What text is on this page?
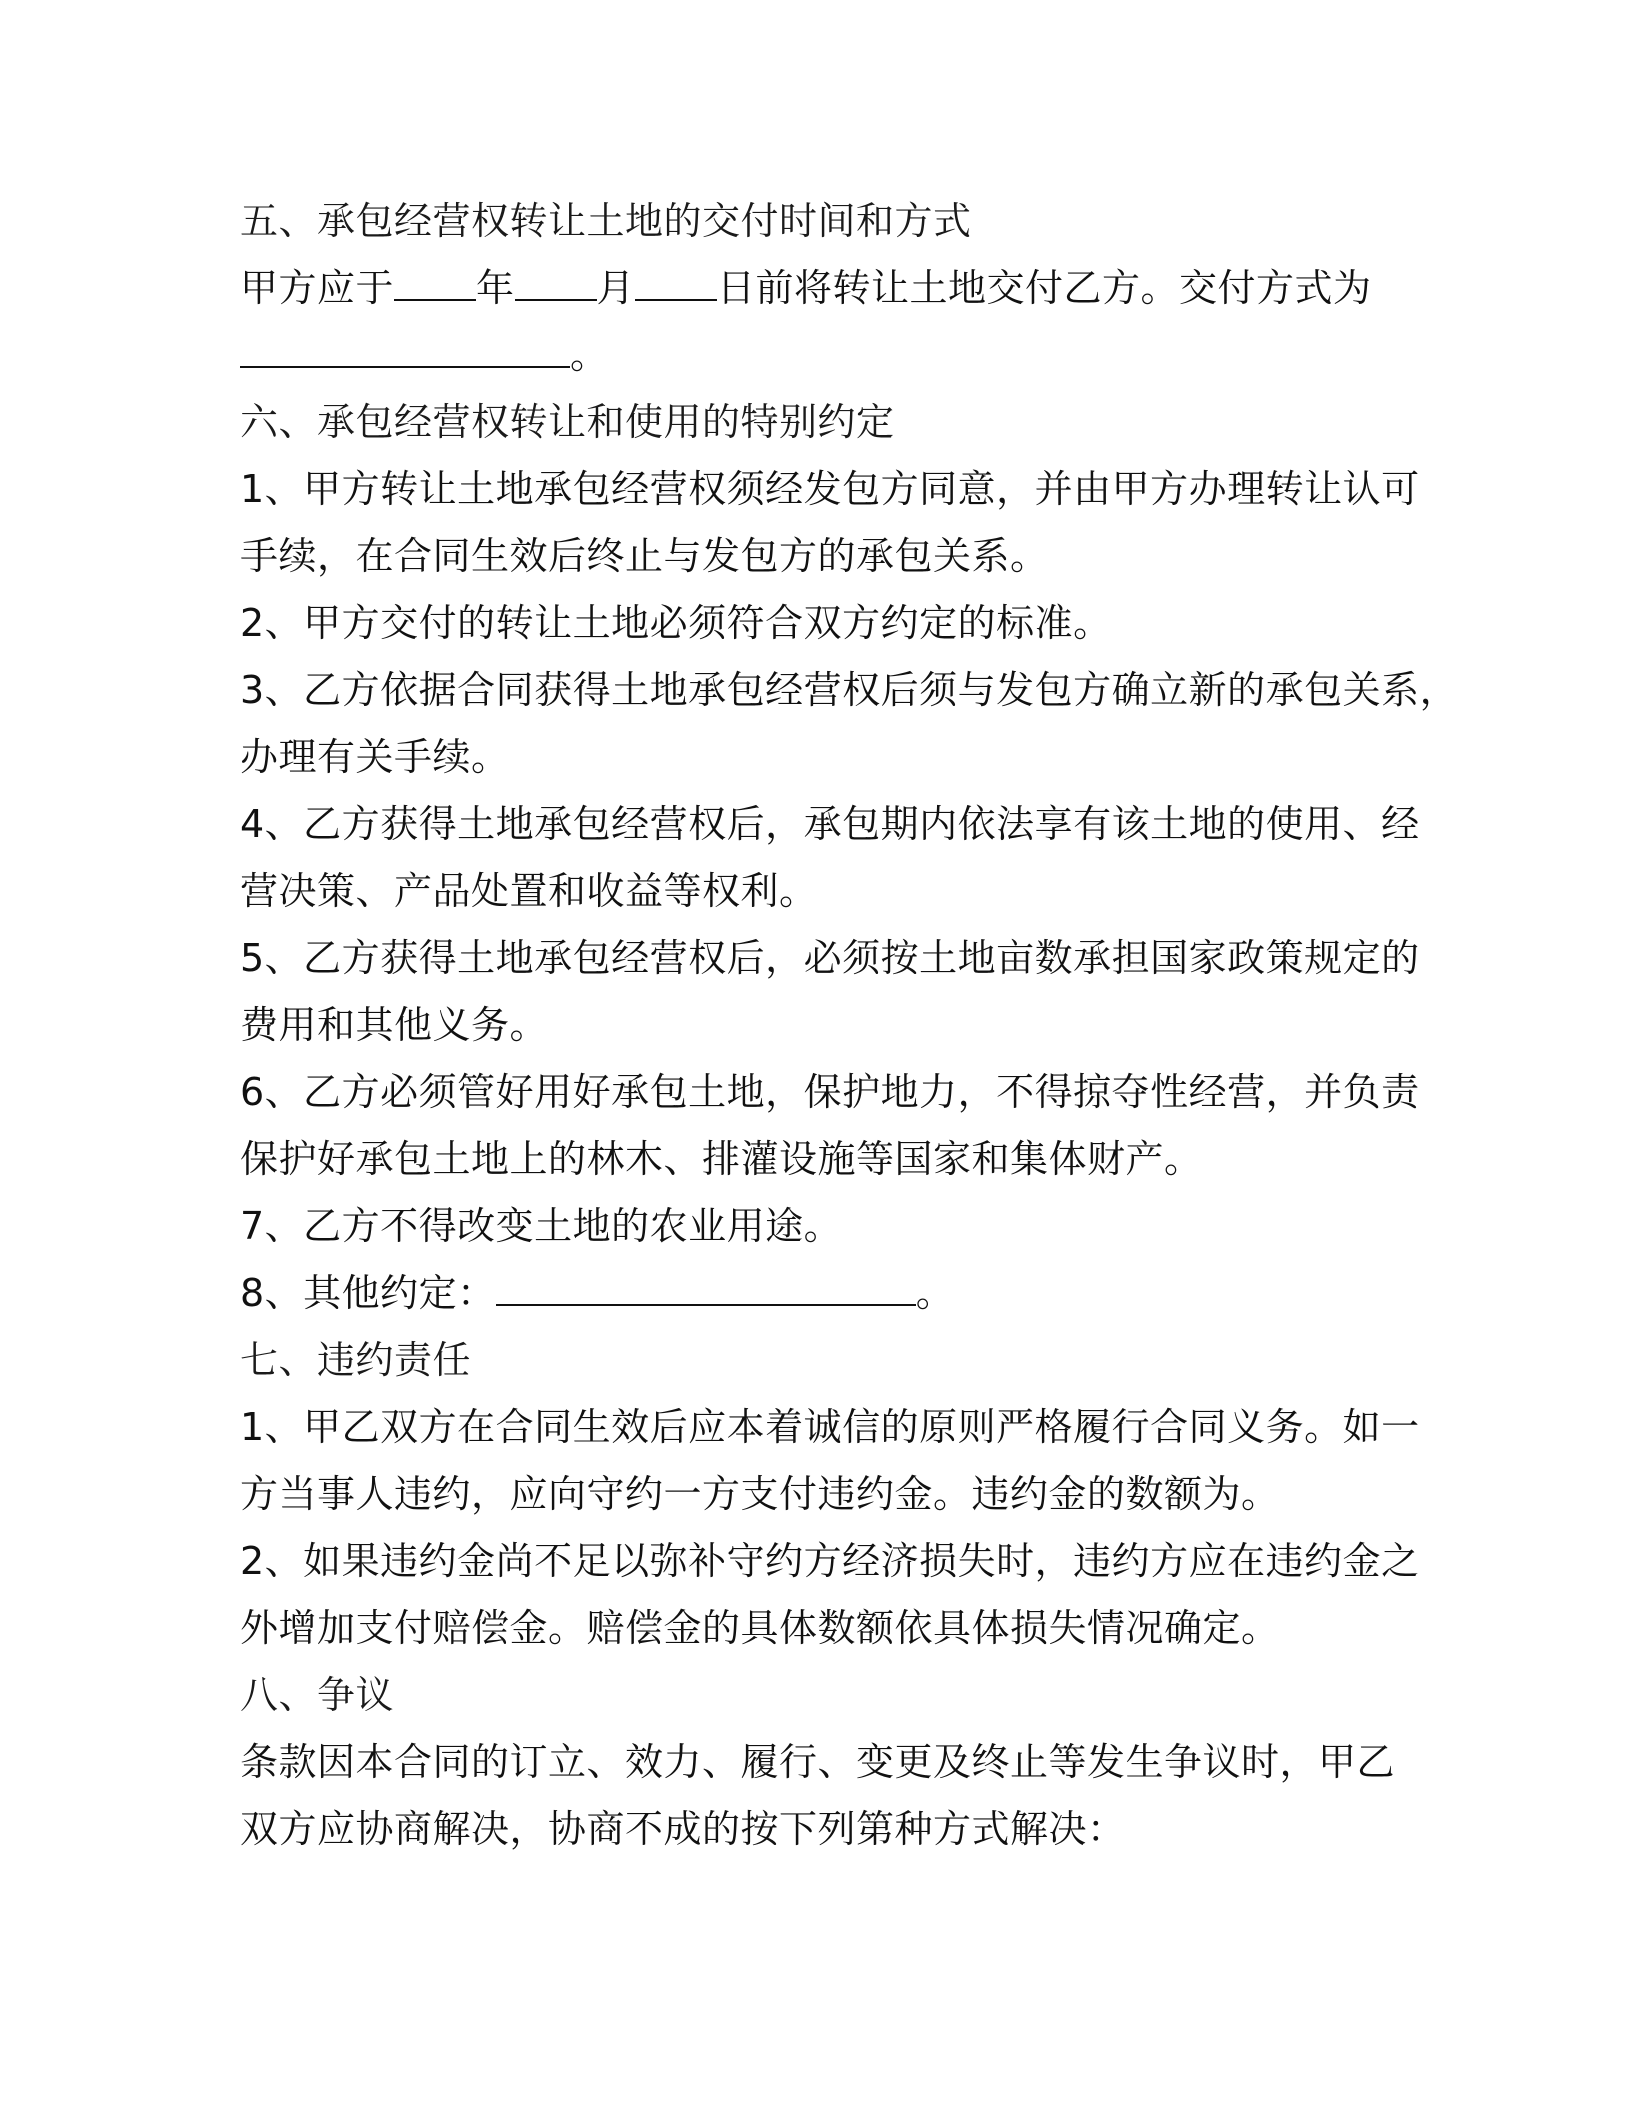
五、承包经营权转让土地的交付时间和方式
甲方应于 年 月 日前将转让土地交付乙方。交付方式为
。
六、承包经营权转让和使用的特别约定
1、甲方转让土地承包经营权须经发包方同意，并由甲方办理转让认可
手续，在合同生效后终止与发包方的承包关系。
2、甲方交付的转让土地必须符合双方约定的标准。
3、乙方依据合同获得土地承包经营权后须与发包方确立新的承包关系，
办理有关手续。
4、乙方获得土地承包经营权后，承包期内依法享有该土地的使用、经
营决策、产品处置和收益等权利。
5、乙方获得土地承包经营权后，必须按土地亩数承担国家政策规定的
费用和其他义务。
6、乙方必须管好用好承包土地，保护地力，不得掠夺性经营，并负责
保护好承包土地上的林木、排灌设施等国家和集体财产。
7、乙方不得改变土地的农业用途。
8、其他约定：	。
七、违约责任
1、甲乙双方在合同生效后应本着诚信的原则严格履行合同义务。如一
方当事人违约，应向守约一方支付违约金。违约金的数额为。
2、如果违约金尚不足以弥补守约方经济损失时，违约方应在违约金之
外增加支付赔偿金。赔偿金的具体数额依具体损失情况确定。
八、争议
条款因本合同的订立、效力、履行、变更及终止等发生争议时，甲乙
双方应协商解决，协商不成的按下列第种方式解决：
